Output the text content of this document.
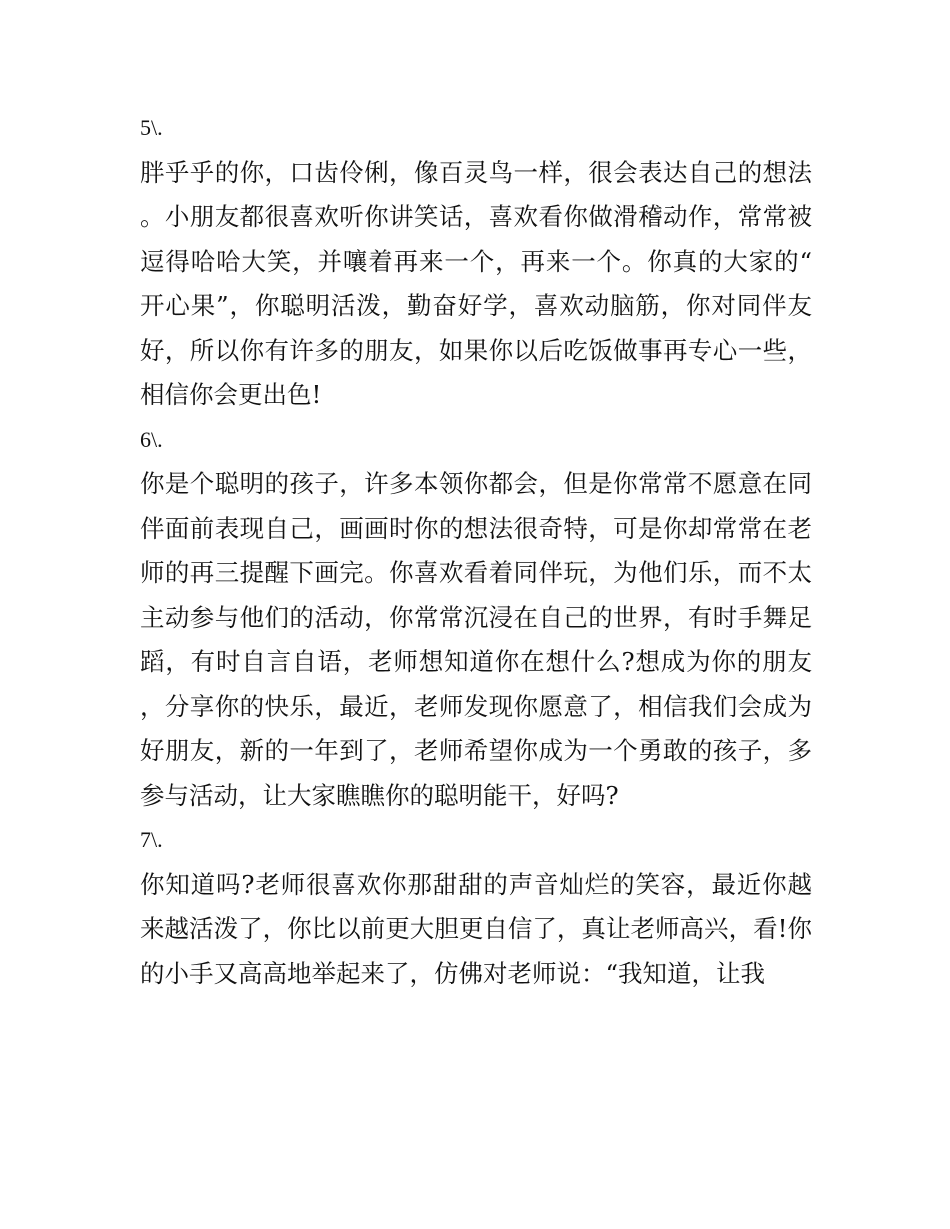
5\.

胖乎乎的你，口齿伶俐，像百灵鸟一样，很会表达自己的想法。小朋友都很喜欢听你讲笑话，喜欢看你做滑稽动作，常常被逗得哈哈大笑，并嚷着再来一个，再来一个。你真的大家的“开心果”，你聪明活泼，勤奋好学，喜欢动脑筋，你对同伴友好，所以你有许多的朋友，如果你以后吃饭做事再专心一些，相信你会更出色!

6\.

你是个聪明的孩子，许多本领你都会，但是你常常不愿意在同伴面前表现自己，画画时你的想法很奇特，可是你却常常在老师的再三提醒下画完。你喜欢看着同伴玩，为他们乐，而不太主动参与他们的活动，你常常沉浸在自己的世界，有时手舞足蹈，有时自言自语，老师想知道你在想什么?想成为你的朋友，分享你的快乐，最近，老师发现你愿意了，相信我们会成为好朋友，新的一年到了，老师希望你成为一个勇敢的孩子，多参与活动，让大家瞧瞧你的聪明能干，好吗?

7\.

你知道吗?老师很喜欢你那甜甜的声音灿烂的笑容，最近你越来越活泼了，你比以前更大胆更自信了，真让老师高兴，看!你的小手又高高地举起来了，仿佛对老师说：“我知道，让我
